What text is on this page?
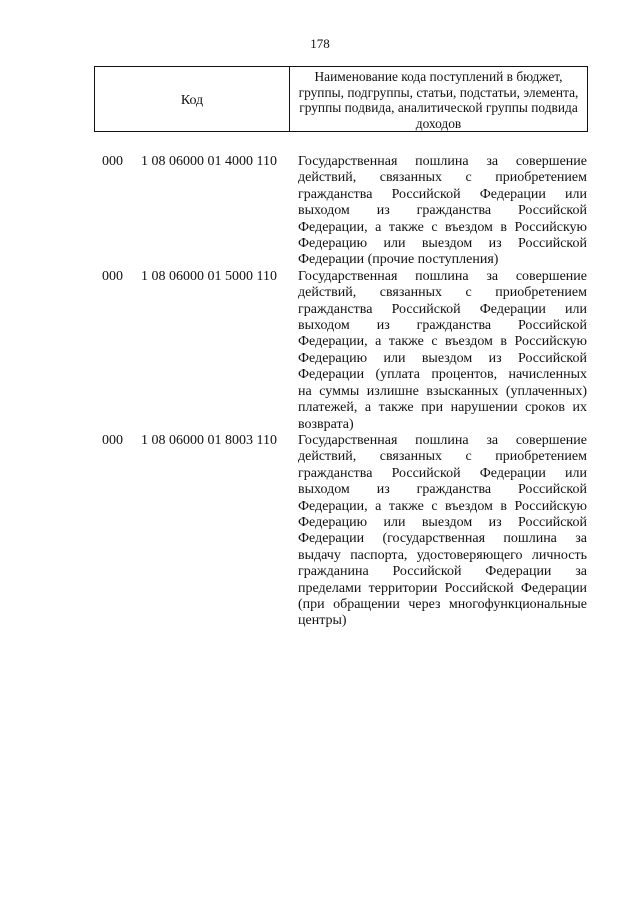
178
Код
Наименование кода поступлений в бюджет, группы, подгруппы, статьи, подстатьи, элемента, группы подвида, аналитической группы подвида доходов
000 1 08 06000 01 4000 110 Государственная пошлина за совершение
действий, связанных с приобретением
гражданства Российской Федерации или
выходом из гражданства Российской
Федерации, а также с въездом в Российскую
Федерацию или выездом из Российской
Федерации (прочие поступления)
000 1 08 06000 01 5000 110 Государственная пошлина за совершение
действий, связанных с приобретением
гражданства Российской Федерации или
выходом из гражданства Российской
Федерации, а также с въездом в Российскую
Федерацию или выездом из Российской
Федерации (уплата процентов, начисленных
на суммы излишне взысканных (уплаченных)
платежей, а также при нарушении сроков их
возврата)
000 1 08 06000 01 8003 110 Государственная пошлина за совершение
действий, связанных с приобретением
гражданства Российской Федерации или
выходом из гражданства Российской
Федерации, а также с въездом в Российскую
Федерацию или выездом из Российской
Федерации (государственная пошлина за
выдачу паспорта, удостоверяющего личность
гражданина Российской Федерации за
пределами территории Российской Федерации
(при обращении через многофункциональные
центры)
